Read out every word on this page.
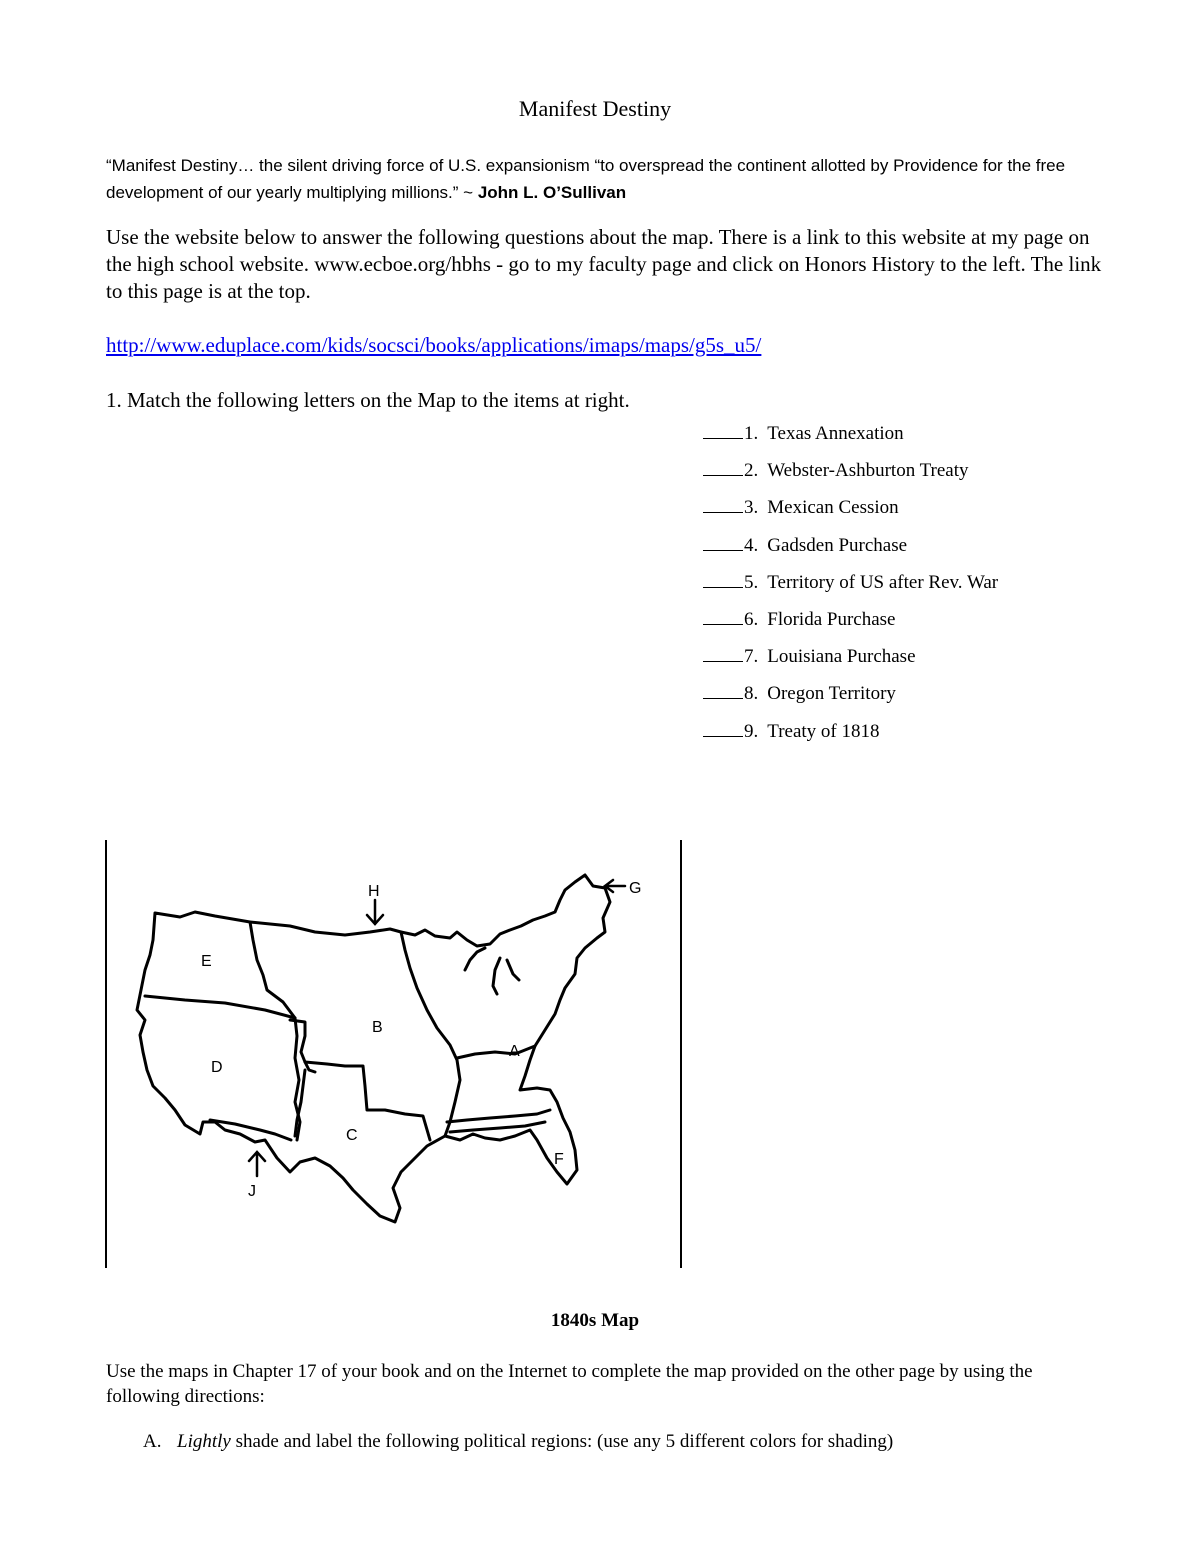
Manifest Destiny
“Manifest Destiny… the silent driving force of U.S. expansionism “to overspread the continent allotted by Providence for the free development of our yearly multiplying millions.” ~ John L. O’Sullivan
Use the website below to answer the following questions about the map. There is a link to this website at my page on the high school website. www.ecboe.org/hbhs - go to my faculty page and click on Honors History to the left. The link to this page is at the top.
http://www.eduplace.com/kids/socsci/books/applications/imaps/maps/g5s_u5/
1. Match the following letters on the Map to the items at right.
1. Texas Annexation
2. Webster-Ashburton Treaty
3. Mexican Cession
4. Gadsden Purchase
5. Territory of US after Rev. War
6. Florida Purchase
7. Louisiana Purchase
8. Oregon Territory
9. Treaty of 1818
A
B
C
D
E
F
G
H
J
1840s Map
Use the maps in Chapter 17 of your book and on the Internet to complete the map provided on the other page by using the following directions:
A. Lightly shade and label the following political regions: (use any 5 different colors for shading)
